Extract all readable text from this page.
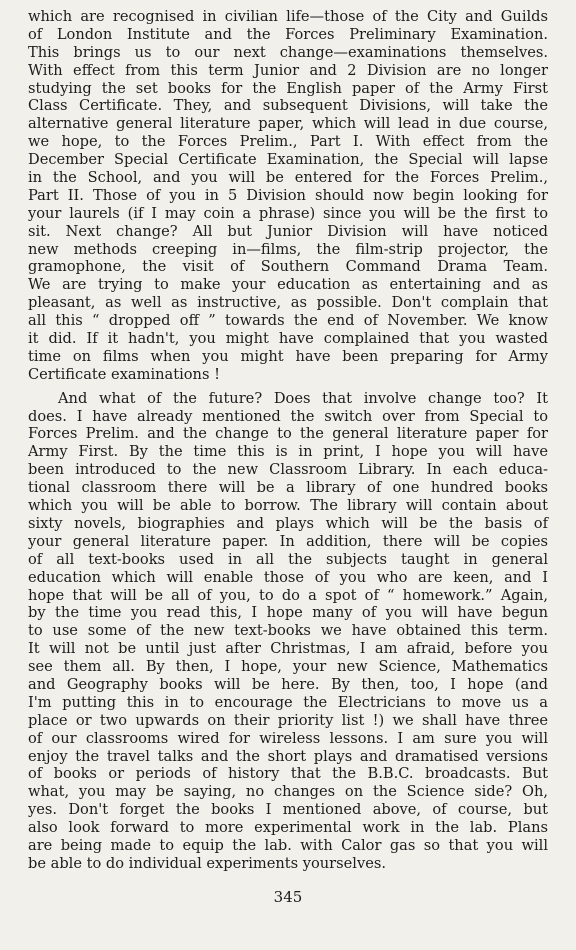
which are recognised in civilian life—those of the City and Guilds
of London Institute and the Forces Preliminary Examination.
This brings us to our next change—examinations themselves.
With effect from this term Junior and 2 Division are no longer
studying the set books for the English paper of the Army First
Class Certificate. They, and subsequent Divisions, will take the
alternative general literature paper, which will lead in due course,
we hope, to the Forces Prelim., Part I. With effect from the
December Special Certificate Examination, the Special will lapse
in the School, and you will be entered for the Forces Prelim.,
Part II. Those of you in 5 Division should now begin looking for
your laurels (if I may coin a phrase) since you will be the first to
sit. Next change? All but Junior Division will have noticed
new methods creeping in—films, the film-strip projector, the
gramophone, the visit of Southern Command Drama Team.
We are trying to make your education as entertaining and as
pleasant, as well as instructive, as possible. Don't complain that
all this “ dropped off ” towards the end of November. We know
it did. If it hadn't, you might have complained that you wasted
time on films when you might have been preparing for Army
Certificate examinations !
And what of the future? Does that involve change too? It
does. I have already mentioned the switch over from Special to
Forces Prelim. and the change to the general literature paper for
Army First. By the time this is in print, I hope you will have
been introduced to the new Classroom Library. In each educa-
tional classroom there will be a library of one hundred books
which you will be able to borrow. The library will contain about
sixty novels, biographies and plays which will be the basis of
your general literature paper. In addition, there will be copies
of all text-books used in all the subjects taught in general
education which will enable those of you who are keen, and I
hope that will be all of you, to do a spot of “ homework.” Again,
by the time you read this, I hope many of you will have begun
to use some of the new text-books we have obtained this term.
It will not be until just after Christmas, I am afraid, before you
see them all. By then, I hope, your new Science, Mathematics
and Geography books will be here. By then, too, I hope (and
I'm putting this in to encourage the Electricians to move us a
place or two upwards on their priority list !) we shall have three
of our classrooms wired for wireless lessons. I am sure you will
enjoy the travel talks and the short plays and dramatised versions
of books or periods of history that the B.B.C. broadcasts. But
what, you may be saying, no changes on the Science side? Oh,
yes. Don't forget the books I mentioned above, of course, but
also look forward to more experimental work in the lab. Plans
are being made to equip the lab. with Calor gas so that you will
be able to do individual experiments yourselves.
345
